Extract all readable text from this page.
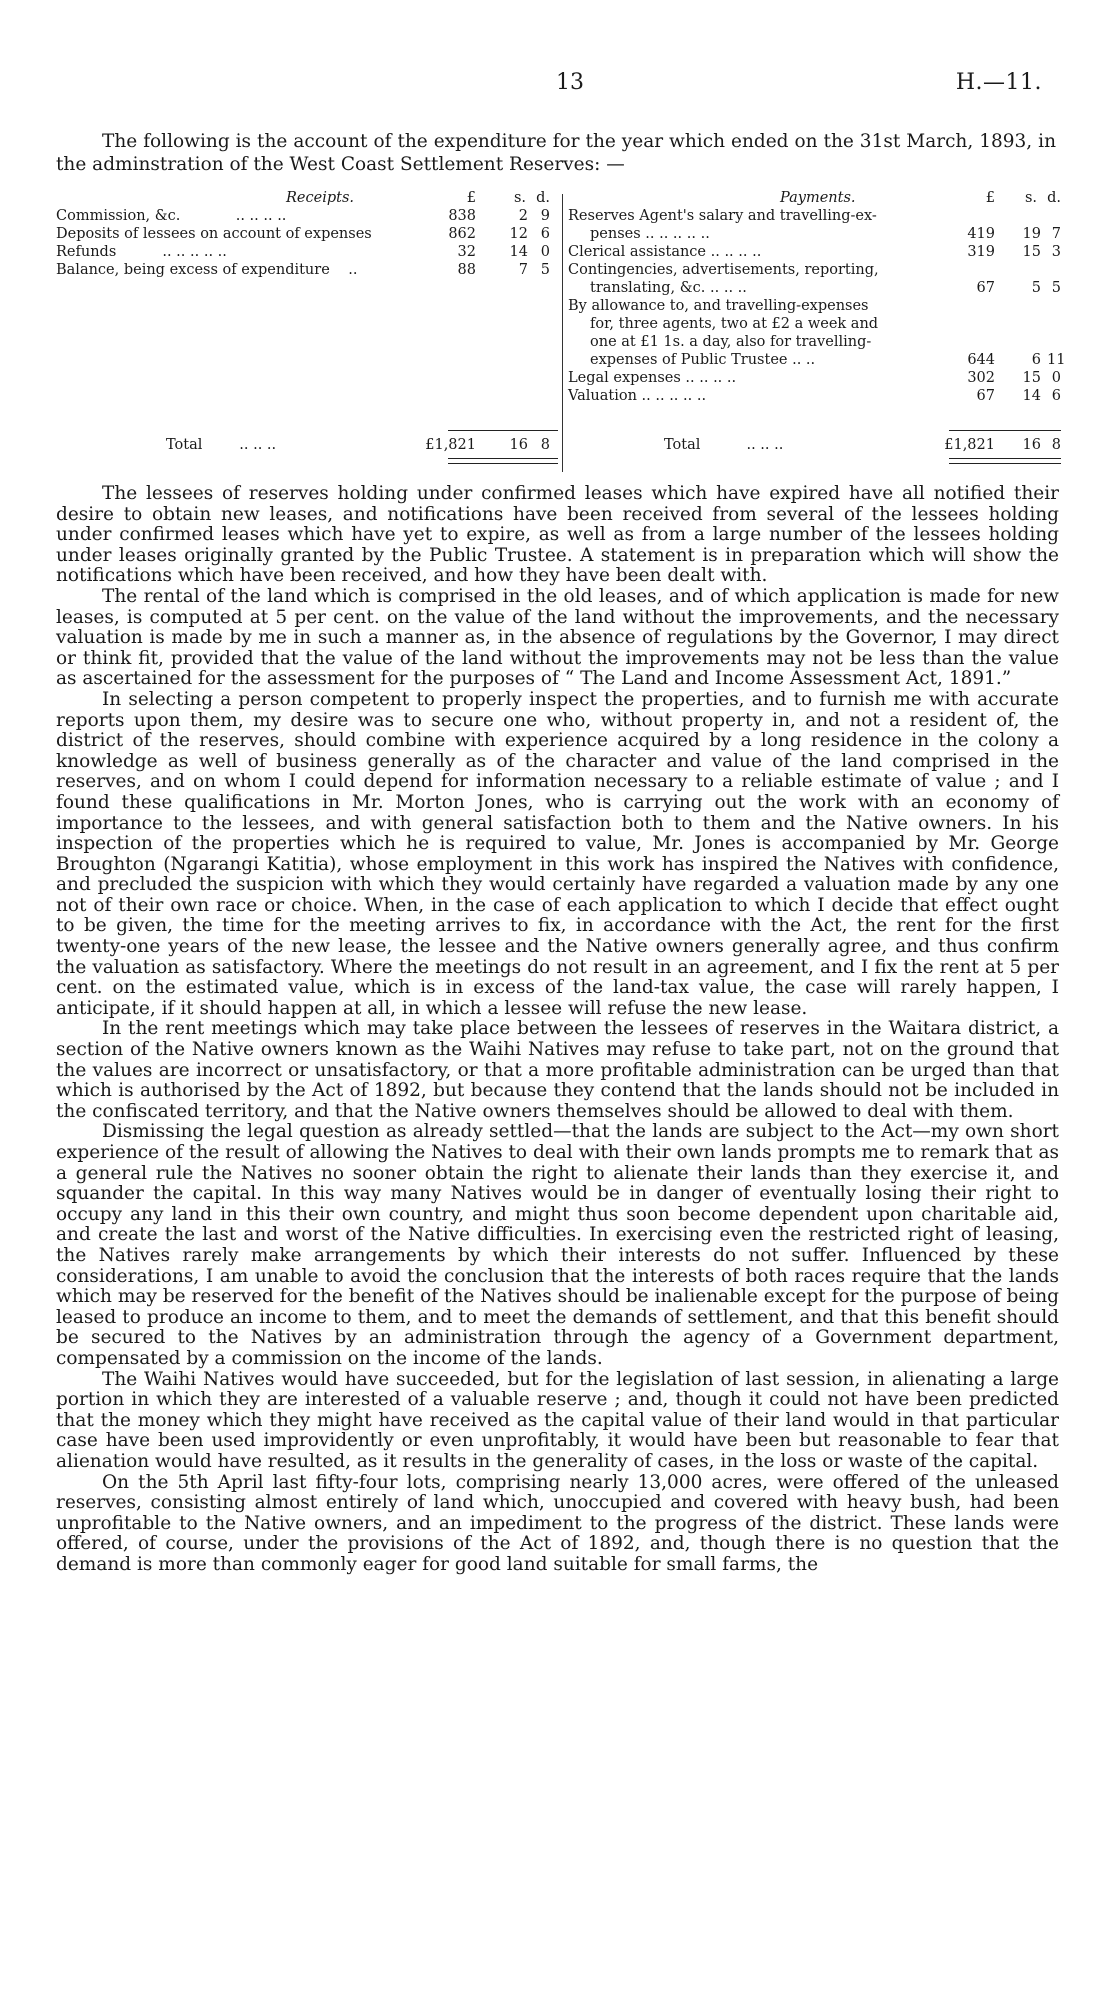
13	H.—11.
The following is the account of the expenditure for the year which ended on the 31st March, 1893, in the adminstration of the West Coast Settlement Reserves: —
Receipts.	£	s. d.
Commission, &c.	.. .. .. ..	838	2 9
Deposits of lessees on account of expenses	862 12 6
Refunds	.. .. .. .. ..	32 14 0
Balance, being excess of expenditure ..	88	7 5
Total	.. .. ..	£1,821 16 8
Payments.	£ s. d.
Reserves Agent's salary and travelling-ex-
penses .. .. .. .. ..	419	19 7
Clerical assistance .. .. .. ..	319	15 3
Contingencies, advertisements, reporting,
translating, &c. .. .. ..	67	5 5
By allowance to, and travelling-expenses
for, three agents, two at £2 a week and
one at £1 1s. a day, also for travelling-
expenses of Public Trustee .. ..	644	6 11
Legal expenses .. .. .. ..	302	15 0
Valuation .. .. .. .. ..	67	14 6
Total	.. .. ..	£1,821	16 8

The lessees of reserves holding under confirmed leases which have expired have all notified their desire to obtain new leases, and notifications have been received from several of the lessees holding under confirmed leases which have yet to expire, as well as from a large number of the lessees holding under leases originally granted by the Public Trustee. A statement is in preparation which will show the notifications which have been received, and how they have been dealt with.

The rental of the land which is comprised in the old leases, and of which application is made for new leases, is computed at 5 per cent. on the value of the land without the improvements, and the necessary valuation is made by me in such a manner as, in the absence of regulations by the Governor, I may direct or think fit, provided that the value of the land without the improvements may not be less than the value as ascertained for the assessment for the purposes of “ The Land and Income Assessment Act, 1891.”

In selecting a person competent to properly inspect the properties, and to furnish me with accurate reports upon them, my desire was to secure one who, without property in, and not a resident of, the district of the reserves, should combine with experience acquired by a long residence in the colony a knowledge as well of business generally as of the character and value of the land comprised in the reserves, and on whom I could depend for information necessary to a reliable estimate of value ; and I found these qualifications in Mr. Morton Jones, who is carrying out the work with an economy of importance to the lessees, and with general satisfaction both to them and the Native owners. In his inspection of the properties which he is required to value, Mr. Jones is accompanied by Mr. George Broughton (Ngarangi Katitia), whose employment in this work has inspired the Natives with confidence, and precluded the suspicion with which they would certainly have regarded a valuation made by any one not of their own race or choice. When, in the case of each application to which I decide that effect ought to be given, the time for the meeting arrives to fix, in accordance with the Act, the rent for the first twenty-one years of the new lease, the lessee and the Native owners generally agree, and thus confirm the valuation as satisfactory. Where the meetings do not result in an agreement, and I fix the rent at 5 per cent. on the estimated value, which is in excess of the land-tax value, the case will rarely happen, I anticipate, if it should happen at all, in which a lessee will refuse the new lease.

In the rent meetings which may take place between the lessees of reserves in the Waitara district, a section of the Native owners known as the Waihi Natives may refuse to take part, not on the ground that the values are incorrect or unsatisfactory, or that a more profitable administration can be urged than that which is authorised by the Act of 1892, but because they contend that the lands should not be included in the confiscated territory, and that the Native owners themselves should be allowed to deal with them.

Dismissing the legal question as already settled—that the lands are subject to the Act—my own short experience of the result of allowing the Natives to deal with their own lands prompts me to remark that as a general rule the Natives no sooner obtain the right to alienate their lands than they exercise it, and squander the capital. In this way many Natives would be in danger of eventually losing their right to occupy any land in this their own country, and might thus soon become dependent upon charitable aid, and create the last and worst of the Native difficulties. In exercising even the restricted right of leasing, the Natives rarely make arrangements by which their interests do not suffer. Influenced by these considerations, I am unable to avoid the conclusion that the interests of both races require that the lands which may be reserved for the benefit of the Natives should be inalienable except for the purpose of being leased to produce an income to them, and to meet the demands of settlement, and that this benefit should be secured to the Natives by an administration through the agency of a Government department, compensated by a commission on the income of the lands.

The Waihi Natives would have succeeded, but for the legislation of last session, in alienating a large portion in which they are interested of a valuable reserve ; and, though it could not have been predicted that the money which they might have received as the capital value of their land would in that particular case have been used improvidently or even unprofitably, it would have been but reasonable to fear that alienation would have resulted, as it results in the generality of cases, in the loss or waste of the capital.

On the 5th April last fifty-four lots, comprising nearly 13,000 acres, were offered of the unleased reserves, consisting almost entirely of land which, unoccupied and covered with heavy bush, had been unprofitable to the Native owners, and an impediment to the progress of the district. These lands were offered, of course, under the provisions of the Act of 1892, and, though there is no question that the demand is more than commonly eager for good land suitable for small farms, the
